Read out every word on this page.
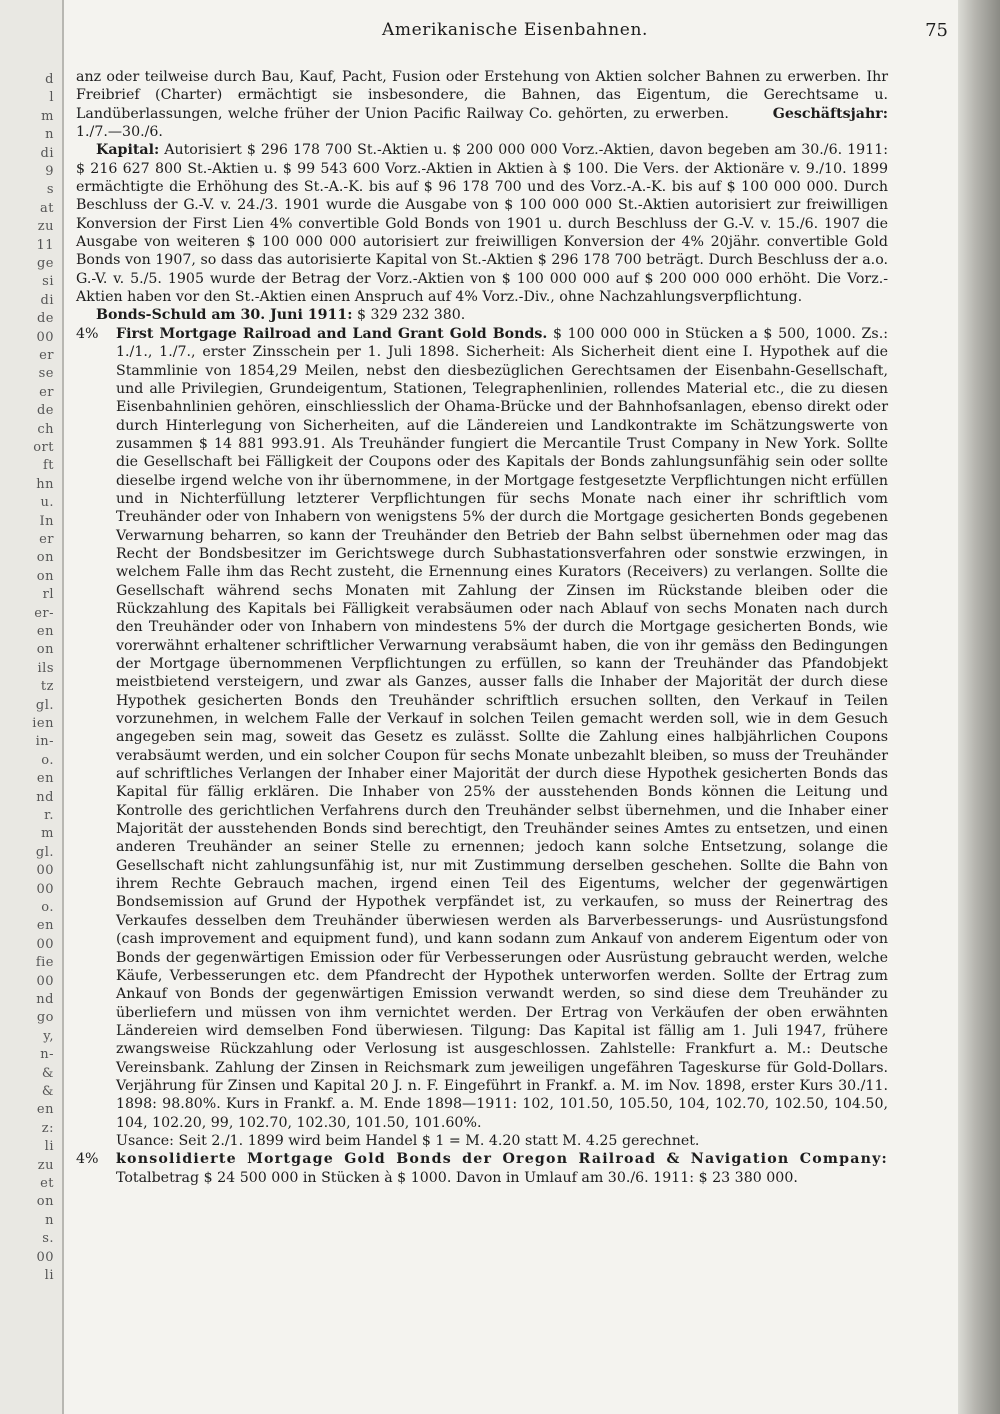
d
l
m
n
di
9
s
at
zu
11
ge
si
di
de
00
er
se
er
de
ch
ort
ft
hn
u.
In
er
on
on
rl
er-
en
on
ils
tz
gl.
ien
in-
o.
en
nd
r.
m
gl.
00
00
o.
en
00
fie
00
nd
go
y,
n-
&
&
en
z:
li
zu
et
on
n
s.
00
li
Amerikanische Eisenbahnen.	75

anz oder teilweise durch Bau, Kauf, Pacht, Fusion oder Erstehung von Aktien solcher Bahnen zu erwerben. Ihr Freibrief (Charter) ermächtigt sie insbesondere, die Bahnen, das Eigentum, die Gerechtsame u. Landüberlassungen, welche früher der Union Pacific Railway Co. gehörten, zu erwerben.	Geschäftsjahr: 1./7.—30./6.

Kapital: Autorisiert $ 296 178 700 St.-Aktien u. $ 200 000 000 Vorz.-Aktien, davon begeben am 30./6. 1911: $ 216 627 800 St.-Aktien u. $ 99 543 600 Vorz.-Aktien in Aktien à $ 100. Die Vers. der Aktionäre v. 9./10. 1899 ermächtigte die Erhöhung des St.-A.-K. bis auf $ 96 178 700 und des Vorz.-A.-K. bis auf $ 100 000 000. Durch Beschluss der G.-V. v. 24./3. 1901 wurde die Ausgabe von $ 100 000 000 St.-Aktien autorisiert zur freiwilligen Konversion der First Lien 4% convertible Gold Bonds von 1901 u. durch Beschluss der G.-V. v. 15./6. 1907 die Ausgabe von weiteren $ 100 000 000 autorisiert zur freiwilligen Konversion der 4% 20jähr. convertible Gold Bonds von 1907, so dass das autorisierte Kapital von St.-Aktien $ 296 178 700 beträgt. Durch Beschluss der a.o. G.-V. v. 5./5. 1905 wurde der Betrag der Vorz.-Aktien von $ 100 000 000 auf $ 200 000 000 erhöht. Die Vorz.-Aktien haben vor den St.-Aktien einen Anspruch auf 4% Vorz.-Div., ohne Nachzahlungsverpflichtung.

Bonds-Schuld am 30. Juni 1911: $ 329 232 380.

4% First Mortgage Railroad and Land Grant Gold Bonds. $ 100 000 000 in Stücken a $ 500, 1000. Zs.: 1./1., 1./7., erster Zinsschein per 1. Juli 1898. Sicherheit: Als Sicherheit dient eine I. Hypothek auf die Stammlinie von 1854,29 Meilen, nebst den diesbezüglichen Gerechtsamen der Eisenbahn-Gesellschaft, und alle Privilegien, Grundeigentum, Stationen, Telegraphenlinien, rollendes Material etc., die zu diesen Eisenbahnlinien gehören, einschliesslich der Ohama-Brücke und der Bahnhofsanlagen, ebenso direkt oder durch Hinterlegung von Sicherheiten, auf die Ländereien und Landkontrakte im Schätzungswerte von zusammen $ 14 881 993.91. Als Treuhänder fungiert die Mercantile Trust Company in New York. Sollte die Gesellschaft bei Fälligkeit der Coupons oder des Kapitals der Bonds zahlungsunfähig sein oder sollte dieselbe irgend welche von ihr übernommene, in der Mortgage festgesetzte Verpflichtungen nicht erfüllen und in Nichterfüllung letzterer Verpflichtungen für sechs Monate nach einer ihr schriftlich vom Treuhänder oder von Inhabern von wenigstens 5% der durch die Mortgage gesicherten Bonds gegebenen Verwarnung beharren, so kann der Treuhänder den Betrieb der Bahn selbst übernehmen oder mag das Recht der Bondsbesitzer im Gerichtswege durch Subhastationsverfahren oder sonstwie erzwingen, in welchem Falle ihm das Recht zusteht, die Ernennung eines Kurators (Receivers) zu verlangen. Sollte die Gesellschaft während sechs Monaten mit Zahlung der Zinsen im Rückstande bleiben oder die Rückzahlung des Kapitals bei Fälligkeit verabsäumen oder nach Ablauf von sechs Monaten nach durch den Treuhänder oder von Inhabern von mindestens 5% der durch die Mortgage gesicherten Bonds, wie vorerwähnt erhaltener schriftlicher Verwarnung verabsäumt haben, die von ihr gemäss den Bedingungen der Mortgage übernommenen Verpflichtungen zu erfüllen, so kann der Treuhänder das Pfandobjekt meistbietend versteigern, und zwar als Ganzes, ausser falls die Inhaber der Majorität der durch diese Hypothek gesicherten Bonds den Treuhänder schriftlich ersuchen sollten, den Verkauf in Teilen vorzunehmen, in welchem Falle der Verkauf in solchen Teilen gemacht werden soll, wie in dem Gesuch angegeben sein mag, soweit das Gesetz es zulässt. Sollte die Zahlung eines halbjährlichen Coupons verabsäumt werden, und ein solcher Coupon für sechs Monate unbezahlt bleiben, so muss der Treuhänder auf schriftliches Verlangen der Inhaber einer Majorität der durch diese Hypothek gesicherten Bonds das Kapital für fällig erklären. Die Inhaber von 25% der ausstehenden Bonds können die Leitung und Kontrolle des gerichtlichen Verfahrens durch den Treuhänder selbst übernehmen, und die Inhaber einer Majorität der ausstehenden Bonds sind berechtigt, den Treuhänder seines Amtes zu entsetzen, und einen anderen Treuhänder an seiner Stelle zu ernennen; jedoch kann solche Entsetzung, solange die Gesellschaft nicht zahlungsunfähig ist, nur mit Zustimmung derselben geschehen. Sollte die Bahn von ihrem Rechte Gebrauch machen, irgend einen Teil des Eigentums, welcher der gegenwärtigen Bondsemission auf Grund der Hypothek verpfändet ist, zu verkaufen, so muss der Reinertrag des Verkaufes desselben dem Treuhänder überwiesen werden als Barverbesserungs- und Ausrüstungsfond (cash improvement and equipment fund), und kann sodann zum Ankauf von anderem Eigentum oder von Bonds der gegenwärtigen Emission oder für Verbesserungen oder Ausrüstung gebraucht werden, welche Käufe, Verbesserungen etc. dem Pfandrecht der Hypothek unterworfen werden. Sollte der Ertrag zum Ankauf von Bonds der gegenwärtigen Emission verwandt werden, so sind diese dem Treuhänder zu überliefern und müssen von ihm vernichtet werden. Der Ertrag von Verkäufen der oben erwähnten Ländereien wird demselben Fond überwiesen. Tilgung: Das Kapital ist fällig am 1. Juli 1947, frühere zwangsweise Rückzahlung oder Verlosung ist ausgeschlossen. Zahlstelle: Frankfurt a. M.: Deutsche Vereinsbank. Zahlung der Zinsen in Reichsmark zum jeweiligen ungefähren Tageskurse für Gold-Dollars. Verjährung für Zinsen und Kapital 20 J. n. F. Eingeführt in Frankf. a. M. im Nov. 1898, erster Kurs 30./11. 1898: 98.80%. Kurs in Frankf. a. M. Ende 1898—1911: 102, 101.50, 105.50, 104, 102.70, 102.50, 104.50, 104, 102.20, 99, 102.70, 102.30, 101.50, 101.60%.

Usance: Seit 2./1. 1899 wird beim Handel $ 1 = M. 4.20 statt M. 4.25 gerechnet.

4% konsolidierte Mortgage Gold Bonds der Oregon Railroad & Navigation Company: Totalbetrag $ 24 500 000 in Stücken à $ 1000. Davon in Umlauf am 30./6. 1911: $ 23 380 000.
